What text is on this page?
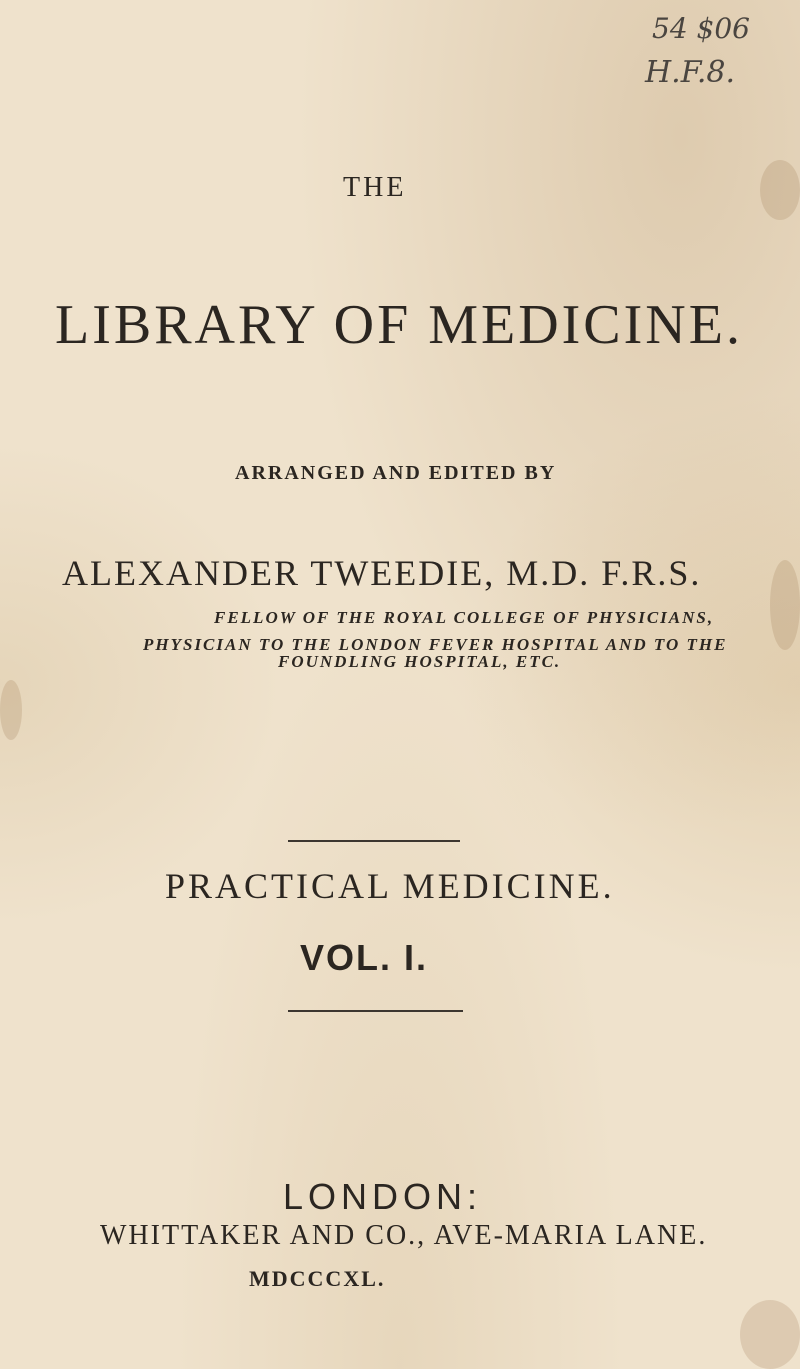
54 $06
H.F.8.
THE
LIBRARY OF MEDICINE.
ARRANGED AND EDITED BY
ALEXANDER TWEEDIE, M.D. F.R.S.
FELLOW OF THE ROYAL COLLEGE OF PHYSICIANS,
PHYSICIAN TO THE LONDON FEVER HOSPITAL AND TO THE
FOUNDLING HOSPITAL, ETC.
PRACTICAL MEDICINE.
VOL. I.
LONDON:
WHITTAKER AND CO., AVE-MARIA LANE.
MDCCCXL.
